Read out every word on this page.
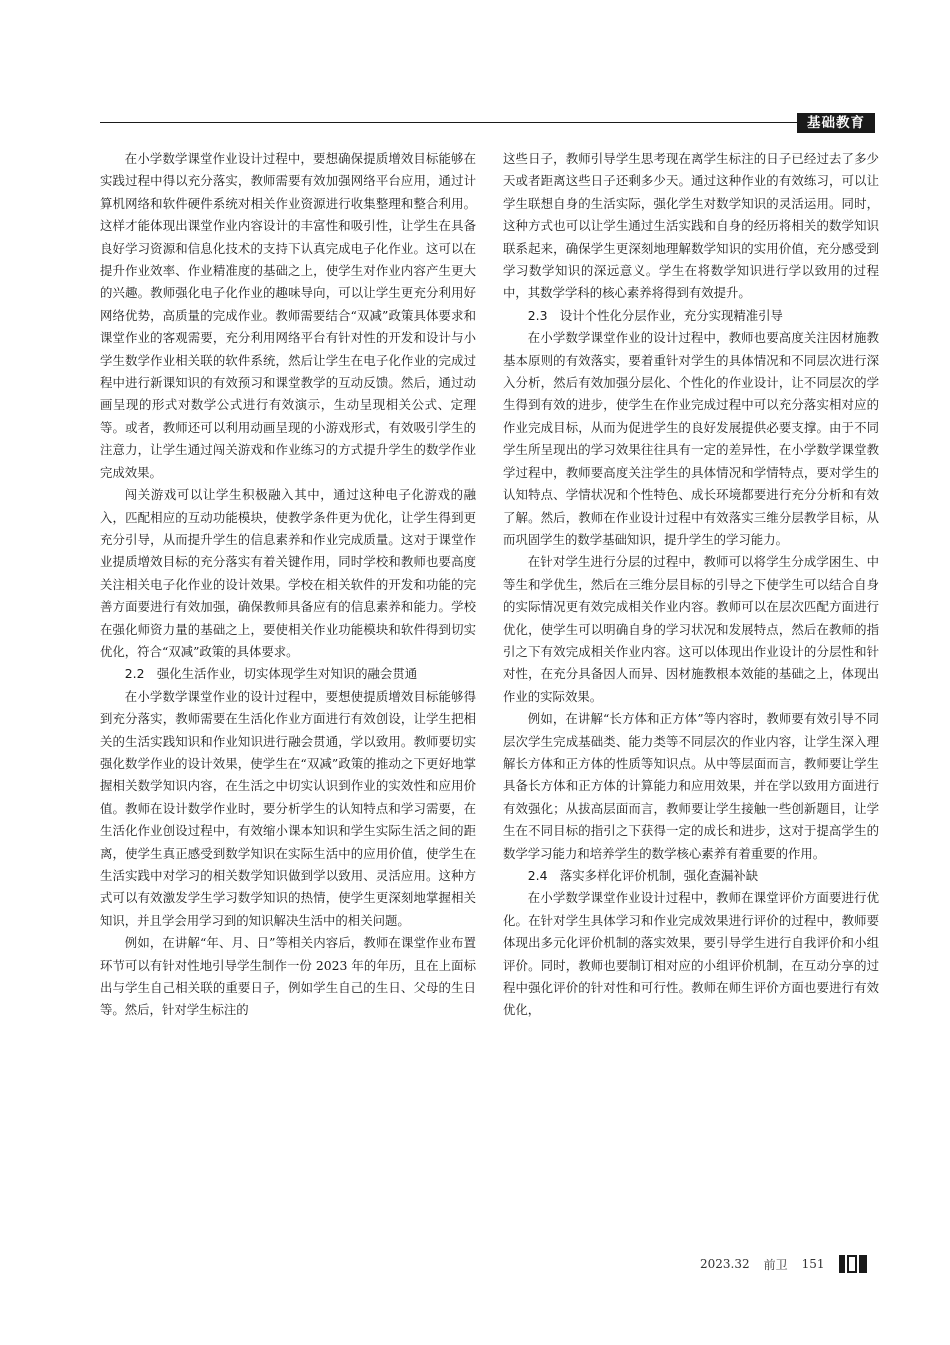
基础教育

在小学数学课堂作业设计过程中，要想确保提质增效目标能够在实践过程中得以充分落实，教师需要有效加强网络平台应用，通过计算机网络和软件硬件系统对相关作业资源进行收集整理和整合利用。这样才能体现出课堂作业内容设计的丰富性和吸引性，让学生在具备良好学习资源和信息化技术的支持下认真完成电子化作业。这可以在提升作业效率、作业精准度的基础之上，使学生对作业内容产生更大的兴趣。教师强化电子化作业的趣味导向，可以让学生更充分利用好网络优势，高质量的完成作业。教师需要结合“双减”政策具体要求和课堂作业的客观需要，充分利用网络平台有针对性的开发和设计与小学生数学作业相关联的软件系统，然后让学生在电子化作业的完成过程中进行新课知识的有效预习和课堂教学的互动反馈。然后，通过动画呈现的形式对数学公式进行有效演示，生动呈现相关公式、定理等。或者，教师还可以利用动画呈现的小游戏形式，有效吸引学生的注意力，让学生通过闯关游戏和作业练习的方式提升学生的数学作业完成效果。

闯关游戏可以让学生积极融入其中，通过这种电子化游戏的融入，匹配相应的互动功能模块，使教学条件更为优化，让学生得到更充分引导，从而提升学生的信息素养和作业完成质量。这对于课堂作业提质增效目标的充分落实有着关键作用，同时学校和教师也要高度关注相关电子化作业的设计效果。学校在相关软件的开发和功能的完善方面要进行有效加强，确保教师具备应有的信息素养和能力。学校在强化师资力量的基础之上，要使相关作业功能模块和软件得到切实优化，符合“双减”政策的具体要求。

2.2　强化生活作业，切实体现学生对知识的融会贯通

在小学数学课堂作业的设计过程中，要想使提质增效目标能够得到充分落实，教师需要在生活化作业方面进行有效创设，让学生把相关的生活实践知识和作业知识进行融会贯通，学以致用。教师要切实强化数学作业的设计效果，使学生在“双减”政策的推动之下更好地掌握相关数学知识内容，在生活之中切实认识到作业的实效性和应用价值。教师在设计数学作业时，要分析学生的认知特点和学习需要，在生活化作业创设过程中，有效缩小课本知识和学生实际生活之间的距离，使学生真正感受到数学知识在实际生活中的应用价值，使学生在生活实践中对学习的相关数学知识做到学以致用、灵活应用。这种方式可以有效激发学生学习数学知识的热情，使学生更深刻地掌握相关知识，并且学会用学习到的知识解决生活中的相关问题。

例如，在讲解“年、月、日”等相关内容后，教师在课堂作业布置环节可以有针对性地引导学生制作一份 2023 年的年历，且在上面标出与学生自己相关联的重要日子，例如学生自己的生日、父母的生日等。然后，针对学生标注的

这些日子，教师引导学生思考现在离学生标注的日子已经过去了多少天或者距离这些日子还剩多少天。通过这种作业的有效练习，可以让学生联想自身的生活实际，强化学生对数学知识的灵活运用。同时，这种方式也可以让学生通过生活实践和自身的经历将相关的数学知识联系起来，确保学生更深刻地理解数学知识的实用价值，充分感受到学习数学知识的深远意义。学生在将数学知识进行学以致用的过程中，其数学学科的核心素养将得到有效提升。

2.3　设计个性化分层作业，充分实现精准引导

在小学数学课堂作业的设计过程中，教师也要高度关注因材施教基本原则的有效落实，要着重针对学生的具体情况和不同层次进行深入分析，然后有效加强分层化、个性化的作业设计，让不同层次的学生得到有效的进步，使学生在作业完成过程中可以充分落实相对应的作业完成目标，从而为促进学生的良好发展提供必要支撑。由于不同学生所呈现出的学习效果往往具有一定的差异性，在小学数学课堂教学过程中，教师要高度关注学生的具体情况和学情特点，要对学生的认知特点、学情状况和个性特色、成长环境都要进行充分分析和有效了解。然后，教师在作业设计过程中有效落实三维分层教学目标，从而巩固学生的数学基础知识，提升学生的学习能力。

在针对学生进行分层的过程中，教师可以将学生分成学困生、中等生和学优生，然后在三维分层目标的引导之下使学生可以结合自身的实际情况更有效完成相关作业内容。教师可以在层次匹配方面进行优化，使学生可以明确自身的学习状况和发展特点，然后在教师的指引之下有效完成相关作业内容。这可以体现出作业设计的分层性和针对性，在充分具备因人而异、因材施教根本效能的基础之上，体现出作业的实际效果。

例如，在讲解“长方体和正方体”等内容时，教师要有效引导不同层次学生完成基础类、能力类等不同层次的作业内容，让学生深入理解长方体和正方体的性质等知识点。从中等层面而言，教师要让学生具备长方体和正方体的计算能力和应用效果，并在学以致用方面进行有效强化；从拔高层面而言，教师要让学生接触一些创新题目，让学生在不同目标的指引之下获得一定的成长和进步，这对于提高学生的数学学习能力和培养学生的数学核心素养有着重要的作用。

2.4　落实多样化评价机制，强化查漏补缺

在小学数学课堂作业设计过程中，教师在课堂评价方面要进行优化。在针对学生具体学习和作业完成效果进行评价的过程中，教师要体现出多元化评价机制的落实效果，要引导学生进行自我评价和小组评价。同时，教师也要制订相对应的小组评价机制，在互动分享的过程中强化评价的针对性和可行性。教师在师生评价方面也要进行有效优化，

2023.32 前卫 151
